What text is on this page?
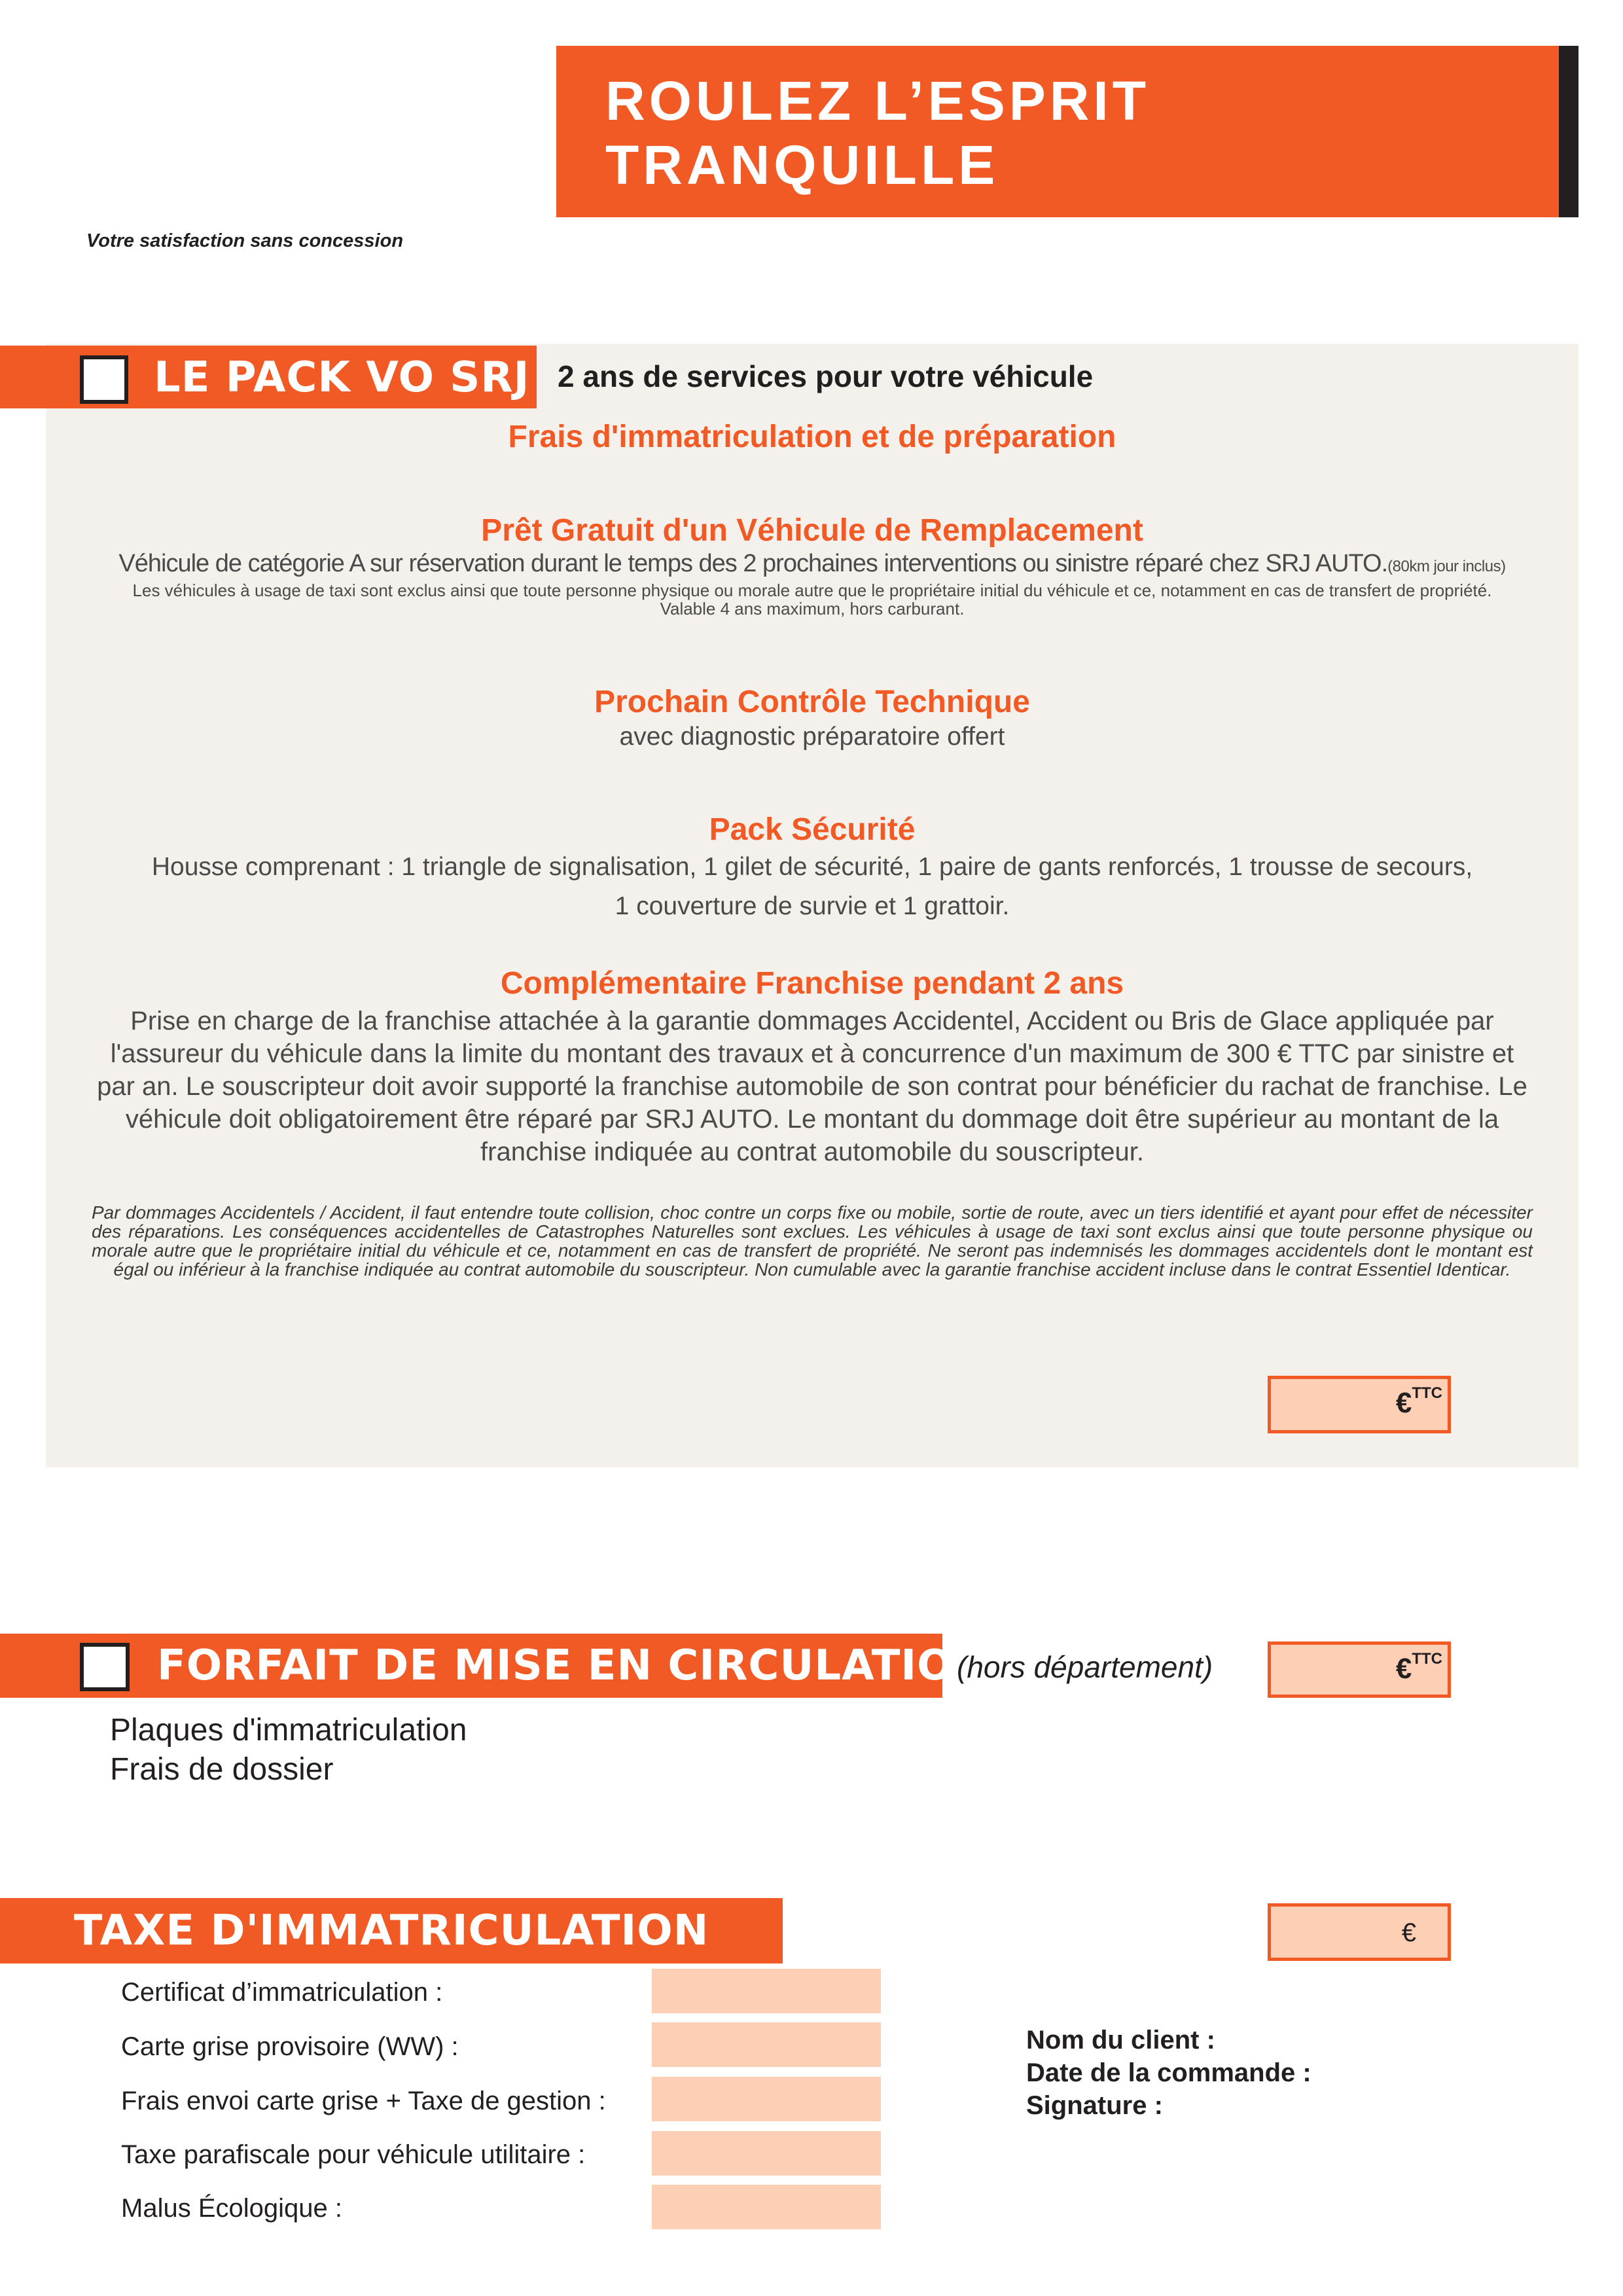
ROULEZ L’ESPRIT
TRANQUILLE
Votre satisfaction sans concession
LE PACK VO SRJ 2 ans de services pour votre véhicule
Frais d'immatriculation et de préparation
Prêt Gratuit d'un Véhicule de Remplacement
Véhicule de catégorie A sur réservation durant le temps des 2 prochaines interventions ou sinistre réparé chez SRJ AUTO.(80km jour inclus)
Les véhicules à usage de taxi sont exclus ainsi que toute personne physique ou morale autre que le propriétaire initial du véhicule et ce, notamment en cas de transfert de propriété.
Valable 4 ans maximum, hors carburant.
Prochain Contrôle Technique
avec diagnostic préparatoire offert
Pack Sécurité
Housse comprenant : 1 triangle de signalisation, 1 gilet de sécurité, 1 paire de gants renforcés, 1 trousse de secours,
1 couverture de survie et 1 grattoir.
Complémentaire Franchise pendant 2 ans
Prise en charge de la franchise attachée à la garantie dommages Accidentel, Accident ou Bris de Glace appliquée par l'assureur du véhicule dans la limite du montant des travaux et à concurrence d'un maximum de 300 € TTC par sinistre et par an. Le souscripteur doit avoir supporté la franchise automobile de son contrat pour bénéficier du rachat de franchise. Le véhicule doit obligatoirement être réparé par SRJ AUTO. Le montant du dommage doit être supérieur au montant de la franchise indiquée au contrat automobile du souscripteur.
Par dommages Accidentels / Accident, il faut entendre toute collision, choc contre un corps fixe ou mobile, sortie de route, avec un tiers identifié et ayant pour effet de nécessiter des réparations. Les conséquences accidentelles de Catastrophes Naturelles sont exclues. Les véhicules à usage de taxi sont exclus ainsi que toute personne physique ou morale autre que le propriétaire initial du véhicule et ce, notamment en cas de transfert de propriété. Ne seront pas indemnisés les dommages accidentels dont le montant est égal ou inférieur à la franchise indiquée au contrat automobile du souscripteur. Non cumulable avec la garantie franchise accident incluse dans le contrat Essentiel Identicar.
€$^{TTC}$
FORFAIT DE MISE EN CIRCULATION
(hors département)	€$^{TTC}$
Plaques d'immatriculation
Frais de dossier
TAXE D'IMMATRICULATION	€
Certificat d’immatriculation :
Carte grise provisoire (WW) :
Frais envoi carte grise + Taxe de gestion :
Taxe parafiscale pour véhicule utilitaire :
Malus Écologique :
Nom du client :
Date de la commande :
Signature :
